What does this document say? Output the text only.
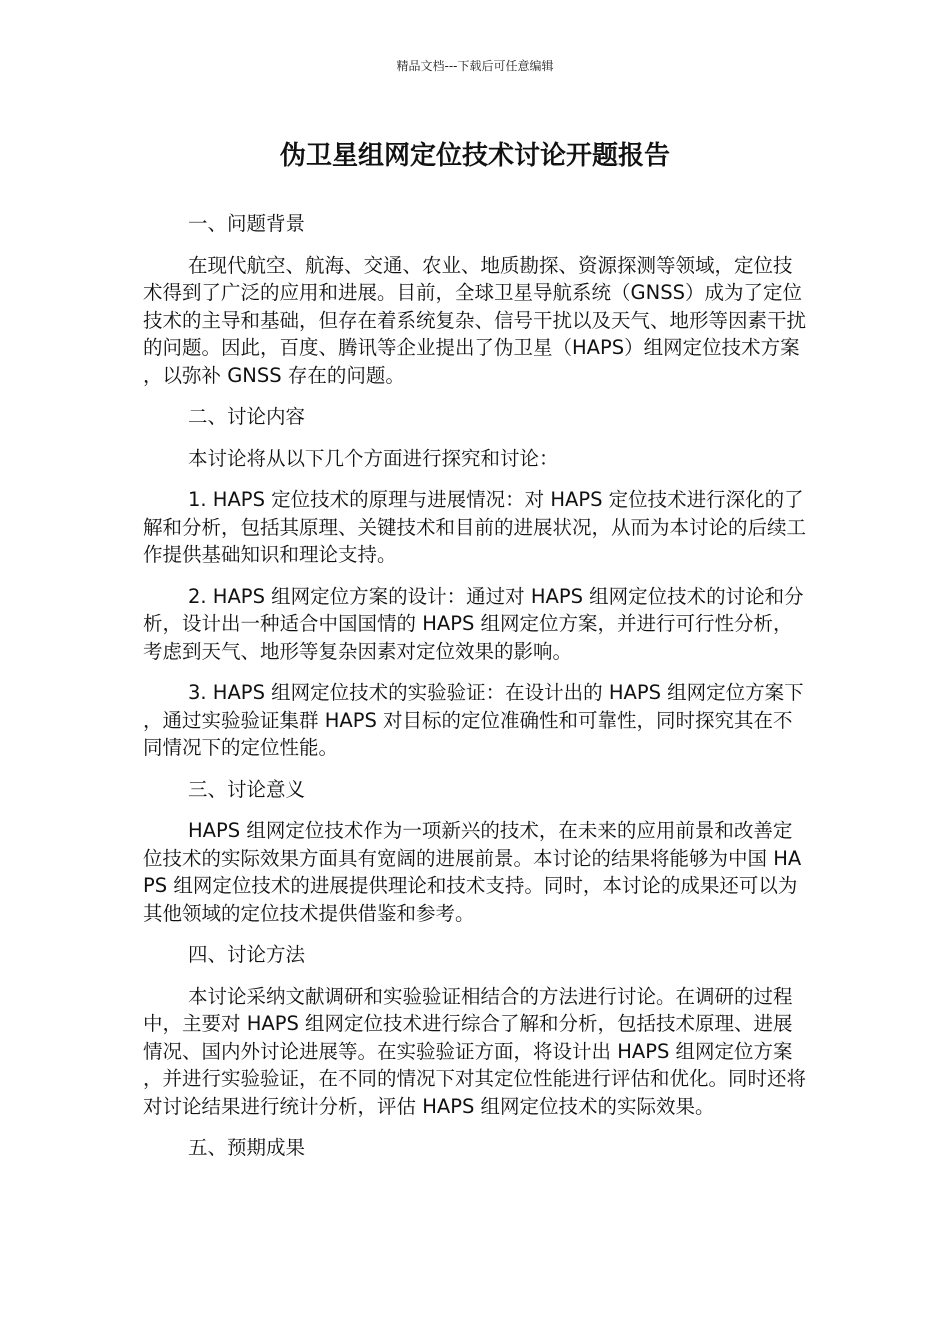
精品文档---下载后可任意编辑
伪卫星组网定位技术讨论开题报告
一、问题背景

在现代航空、航海、交通、农业、地质勘探、资源探测等领域，定位技术得到了广泛的应用和进展。目前，全球卫星导航系统（GNSS）成为了定位技术的主导和基础，但存在着系统复杂、信号干扰以及天气、地形等因素干扰的问题。因此，百度、腾讯等企业提出了伪卫星（HAPS）组网定位技术方案，以弥补 GNSS 存在的问题。

二、讨论内容

本讨论将从以下几个方面进行探究和讨论：

1. HAPS 定位技术的原理与进展情况：对 HAPS 定位技术进行深化的了解和分析，包括其原理、关键技术和目前的进展状况，从而为本讨论的后续工作提供基础知识和理论支持。

2. HAPS 组网定位方案的设计：通过对 HAPS 组网定位技术的讨论和分析，设计出一种适合中国国情的 HAPS 组网定位方案，并进行可行性分析，考虑到天气、地形等复杂因素对定位效果的影响。

3. HAPS 组网定位技术的实验验证：在设计出的 HAPS 组网定位方案下，通过实验验证集群 HAPS 对目标的定位准确性和可靠性，同时探究其在不同情况下的定位性能。

三、讨论意义

HAPS 组网定位技术作为一项新兴的技术，在未来的应用前景和改善定位技术的实际效果方面具有宽阔的进展前景。本讨论的结果将能够为中国 HAPS 组网定位技术的进展提供理论和技术支持。同时，本讨论的成果还可以为其他领域的定位技术提供借鉴和参考。

四、讨论方法

本讨论采纳文献调研和实验验证相结合的方法进行讨论。在调研的过程中，主要对 HAPS 组网定位技术进行综合了解和分析，包括技术原理、进展情况、国内外讨论进展等。在实验验证方面，将设计出 HAPS 组网定位方案，并进行实验验证，在不同的情况下对其定位性能进行评估和优化。同时还将对讨论结果进行统计分析，评估 HAPS 组网定位技术的实际效果。

五、预期成果
